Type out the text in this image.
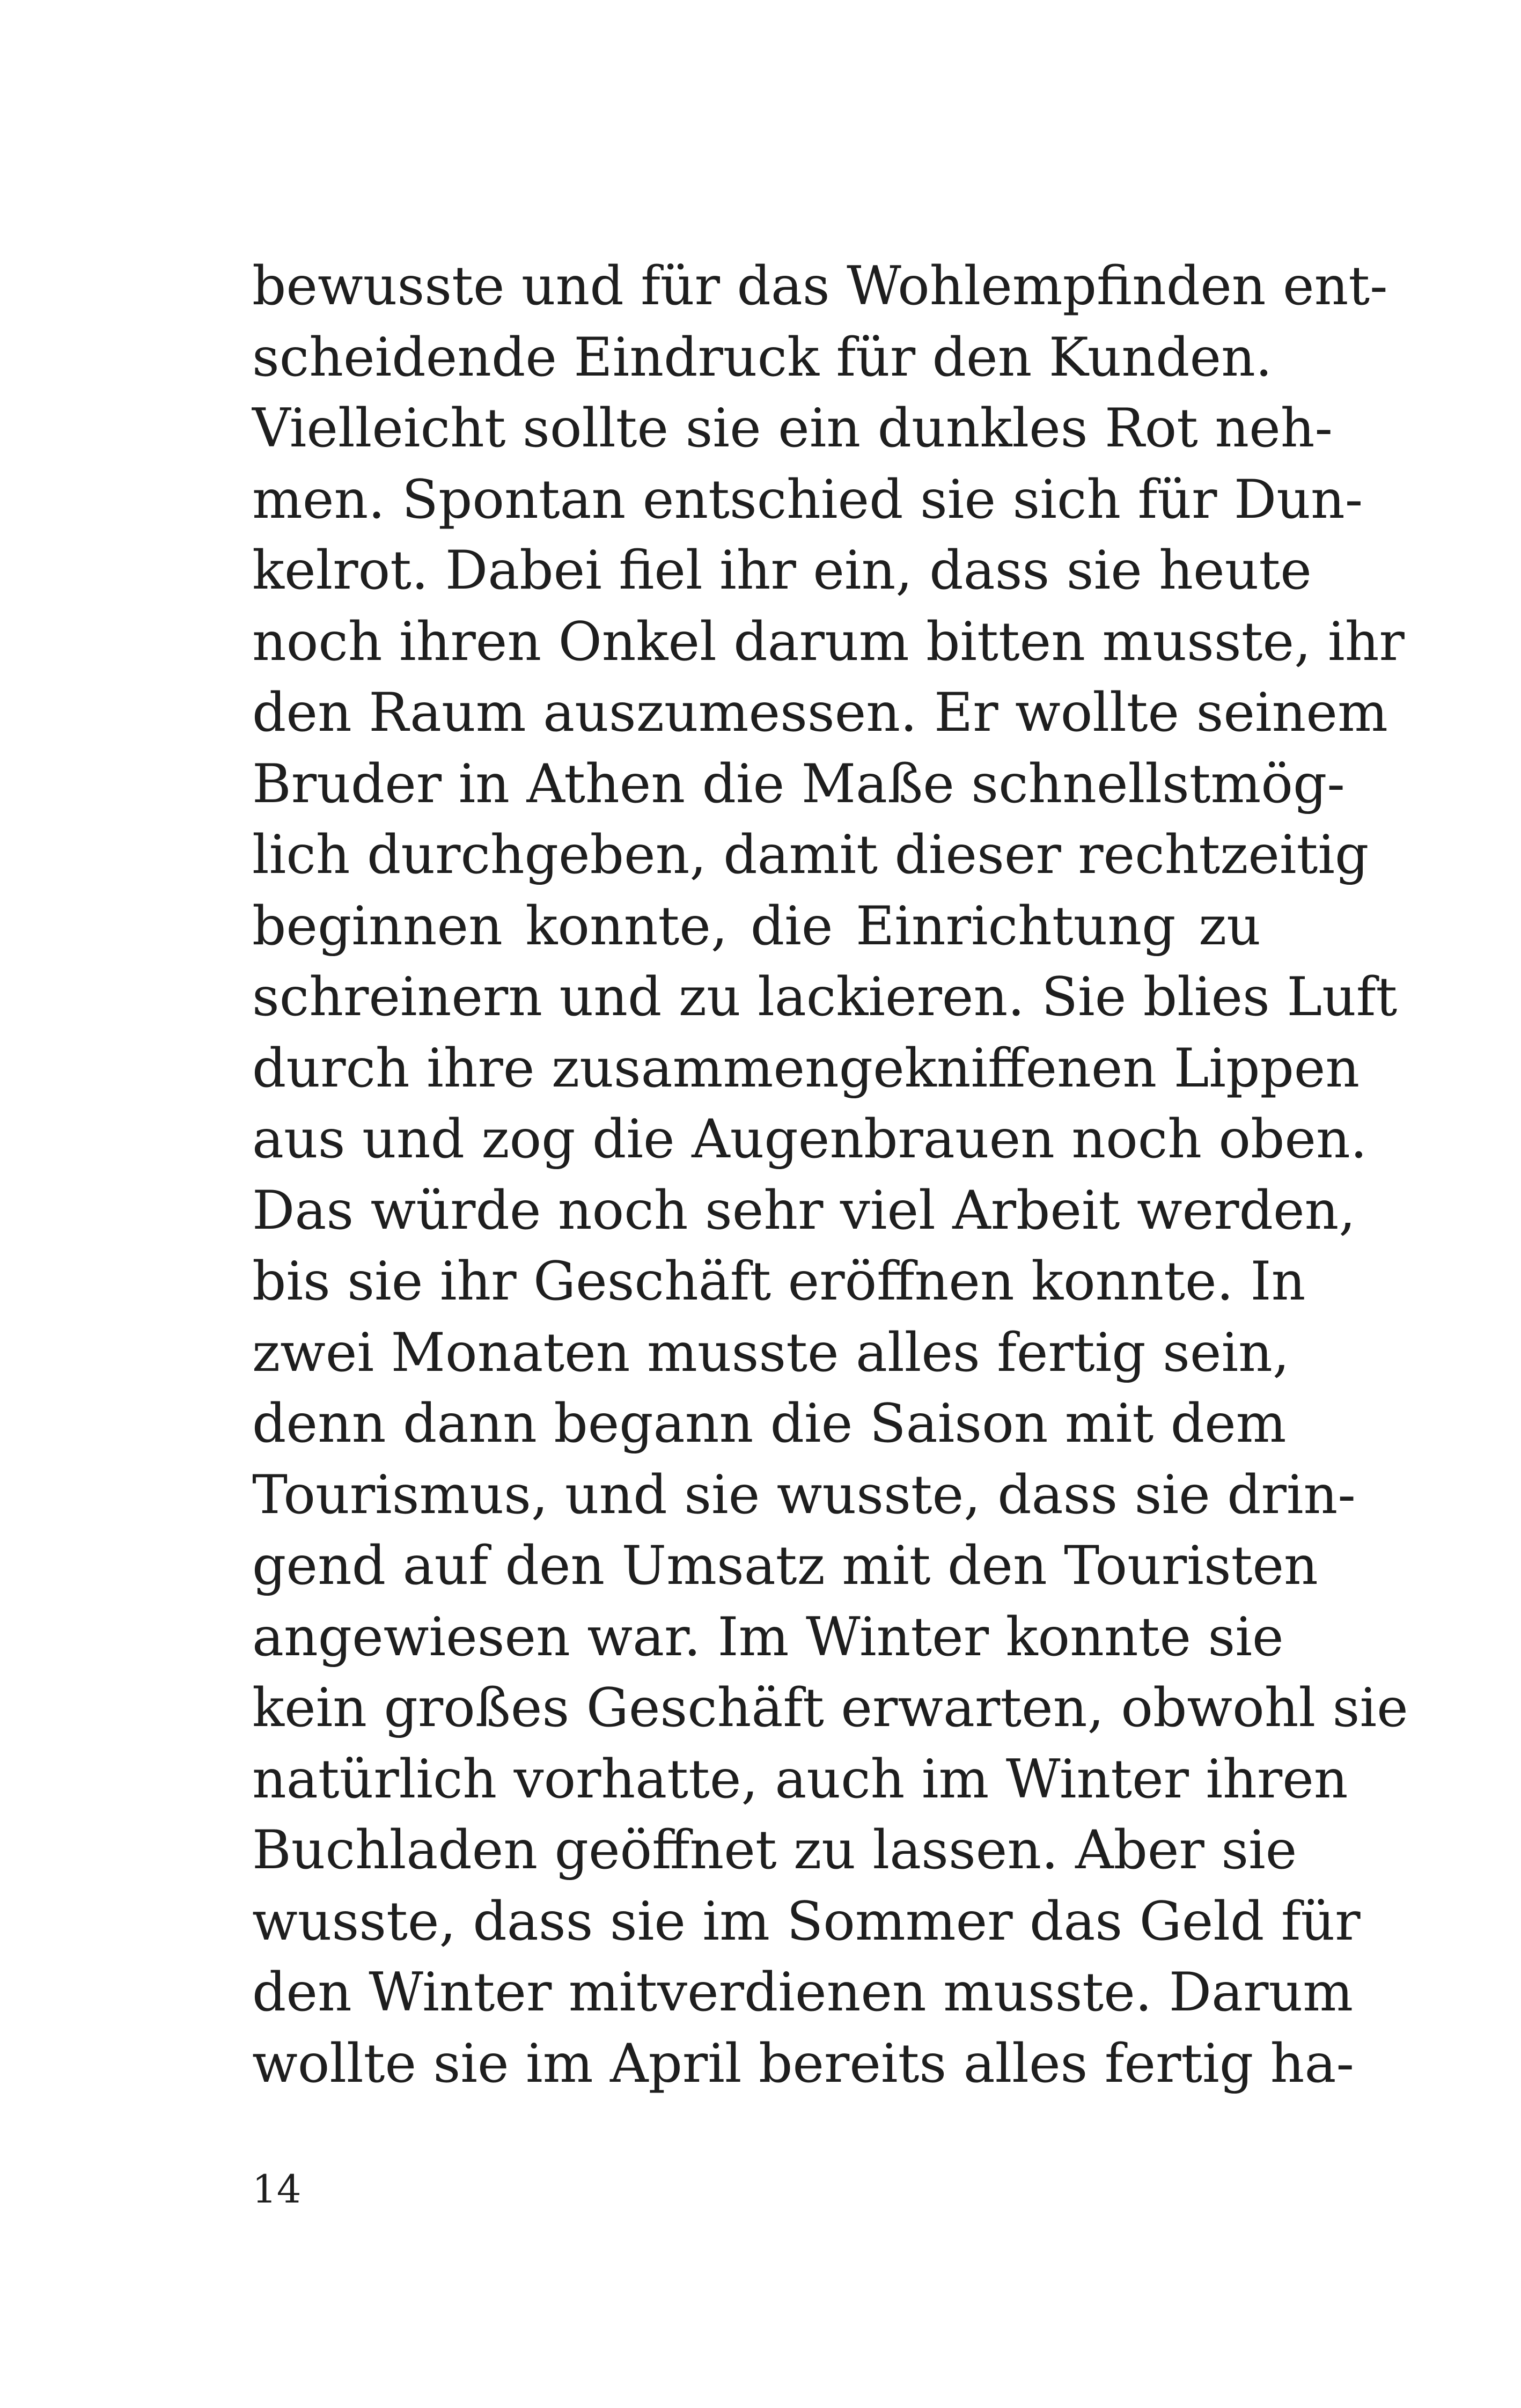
bewusste und für das Wohlempfinden ent-
scheidende Eindruck für den Kunden.
Vielleicht sollte sie ein dunkles Rot neh-
men. Spontan entschied sie sich für Dun-
kelrot. Dabei fiel ihr ein, dass sie heute
noch ihren Onkel darum bitten musste, ihr
den Raum auszumessen. Er wollte seinem
Bruder in Athen die Maße schnellstmög-
lich durchgeben, damit dieser rechtzeitig
beginnen konnte, die Einrichtung zu
schreinern und zu lackieren. Sie blies Luft
durch ihre zusammengekniffenen Lippen
aus und zog die Augenbrauen noch oben.
Das würde noch sehr viel Arbeit werden,
bis sie ihr Geschäft eröffnen konnte. In
zwei Monaten musste alles fertig sein,
denn dann begann die Saison mit dem
Tourismus, und sie wusste, dass sie drin-
gend auf den Umsatz mit den Touristen
angewiesen war. Im Winter konnte sie
kein großes Geschäft erwarten, obwohl sie
natürlich vorhatte, auch im Winter ihren
Buchladen geöffnet zu lassen. Aber sie
wusste, dass sie im Sommer das Geld für
den Winter mitverdienen musste. Darum
wollte sie im April bereits alles fertig ha-
14
